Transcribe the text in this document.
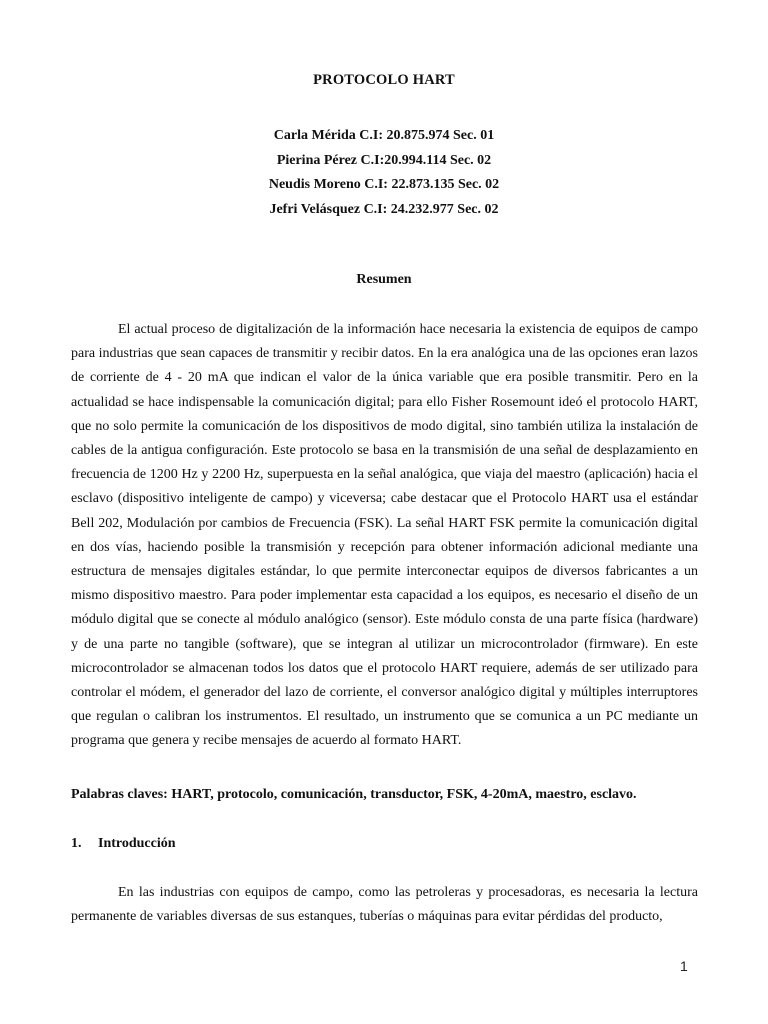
PROTOCOLO HART
Carla Mérida C.I: 20.875.974 Sec. 01
Pierina Pérez C.I:20.994.114 Sec. 02
Neudis Moreno C.I: 22.873.135 Sec. 02
Jefri Velásquez C.I: 24.232.977 Sec. 02
Resumen

El actual proceso de digitalización de la información hace necesaria la existencia de equipos de campo para industrias que sean capaces de transmitir y recibir datos. En la era analógica una de las opciones eran lazos de corriente de 4 - 20 mA que indican el valor de la única variable que era posible transmitir. Pero en la actualidad se hace indispensable la comunicación digital; para ello Fisher Rosemount ideó el protocolo HART, que no solo permite la comunicación de los dispositivos de modo digital, sino también utiliza la instalación de cables de la antigua configuración. Este protocolo se basa en la transmisión de una señal de desplazamiento en frecuencia de 1200 Hz y 2200 Hz, superpuesta en la señal analógica, que viaja del maestro (aplicación) hacia el esclavo (dispositivo inteligente de campo) y viceversa; cabe destacar que el Protocolo HART usa el estándar Bell 202, Modulación por cambios de Frecuencia (FSK). La señal HART FSK permite la comunicación digital en dos vías, haciendo posible la transmisión y recepción para obtener información adicional mediante una estructura de mensajes digitales estándar, lo que permite interconectar equipos de diversos fabricantes a un mismo dispositivo maestro. Para poder implementar esta capacidad a los equipos, es necesario el diseño de un módulo digital que se conecte al módulo analógico (sensor). Este módulo consta de una parte física (hardware) y de una parte no tangible (software), que se integran al utilizar un microcontrolador (firmware). En este microcontrolador se almacenan todos los datos que el protocolo HART requiere, además de ser utilizado para controlar el módem, el generador del lazo de corriente, el conversor analógico digital y múltiples interruptores que regulan o calibran los instrumentos. El resultado, un instrumento que se comunica a un PC mediante un programa que genera y recibe mensajes de acuerdo al formato HART.

Palabras claves: HART, protocolo, comunicación, transductor, FSK, 4-20mA, maestro, esclavo.
1. Introducción

En las industrias con equipos de campo, como las petroleras y procesadoras, es necesaria la lectura permanente de variables diversas de sus estanques, tuberías o máquinas para evitar pérdidas del producto,

1
